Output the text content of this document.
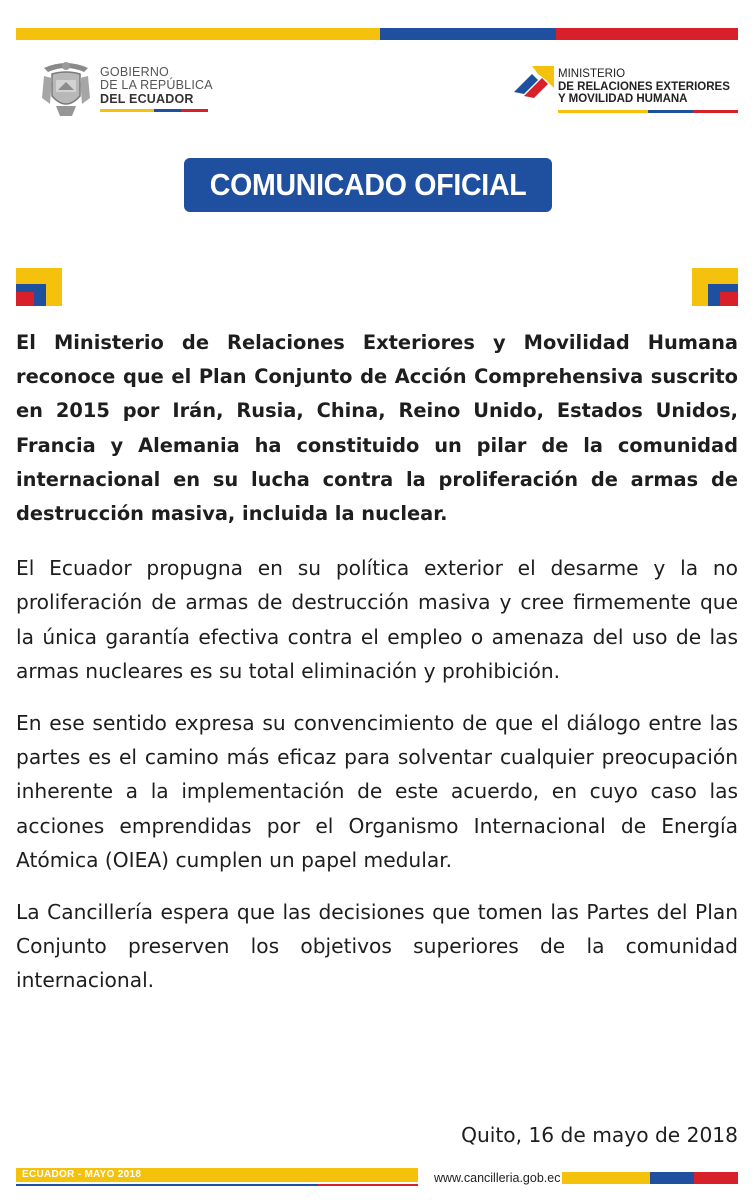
GOBIERNO
DE LA REPÚBLICA
DEL ECUADOR
MINISTERIO
DE RELACIONES EXTERIORES
Y MOVILIDAD HUMANA
COMUNICADO OFICIAL

El Ministerio de Relaciones Exteriores y Movilidad Humana reconoce que el Plan Conjunto de Acción Comprehensiva suscrito en 2015 por Irán, Rusia, China, Reino Unido, Estados Unidos, Francia y Alemania ha constituido un pilar de la comunidad internacional en su lucha contra la proliferación de armas de destrucción masiva, incluida la nuclear.

El Ecuador propugna en su política exterior el desarme y la no proliferación de armas de destrucción masiva y cree firmemente que la única garantía efectiva contra el empleo o amenaza del uso de las armas nucleares es su total eliminación y prohibición.

En ese sentido expresa su convencimiento de que el diálogo entre las partes es el camino más eficaz para solventar cualquier preocupación inherente a la implementación de este acuerdo, en cuyo caso las acciones emprendidas por el Organismo Internacional de Energía Atómica (OIEA) cumplen un papel medular.

La Cancillería espera que las decisiones que tomen las Partes del Plan Conjunto preserven los objetivos superiores de la comunidad internacional.

Quito, 16 de mayo de 2018
ECUADOR - MAYO 2018	www.cancilleria.gob.ec
